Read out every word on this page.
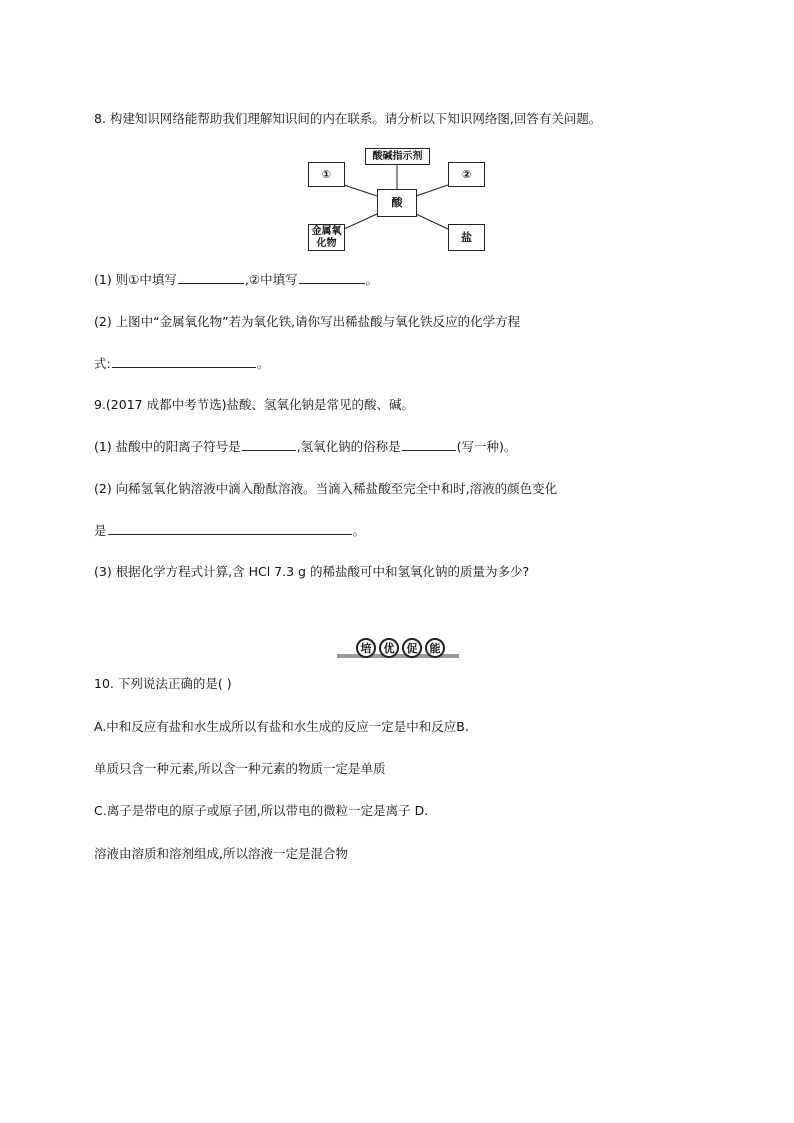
8. 构建知识网络能帮助我们理解知识间的内在联系。请分析以下知识网络图,回答有关问题。
酸碱指示剂
①	②
酸
金属氧
化物	盐
(1) 则①中填写	,②中填写	。
(2) 上图中“金属氧化物”若为氧化铁,请你写出稀盐酸与氧化铁反应的化学方程
式:	。
9.(2017 成都中考节选)盐酸、氢氧化钠是常见的酸、碱。
(1) 盐酸中的阳离子符号是	,氢氧化钠的俗称是	(写一种)。
(2) 向稀氢氧化钠溶液中滴入酚酞溶液。当滴入稀盐酸至完全中和时,溶液的颜色变化
是	。
(3) 根据化学方程式计算,含 HCl 7.3 g 的稀盐酸可中和氢氧化钠的质量为多少?
培	优	促	能
10. 下列说法正确的是( )
A.中和反应有盐和水生成所以有盐和水生成的反应一定是中和反应B.
单质只含一种元素,所以含一种元素的物质一定是单质
C.离子是带电的原子或原子团,所以带电的微粒一定是离子 D.
溶液由溶质和溶剂组成,所以溶液一定是混合物
